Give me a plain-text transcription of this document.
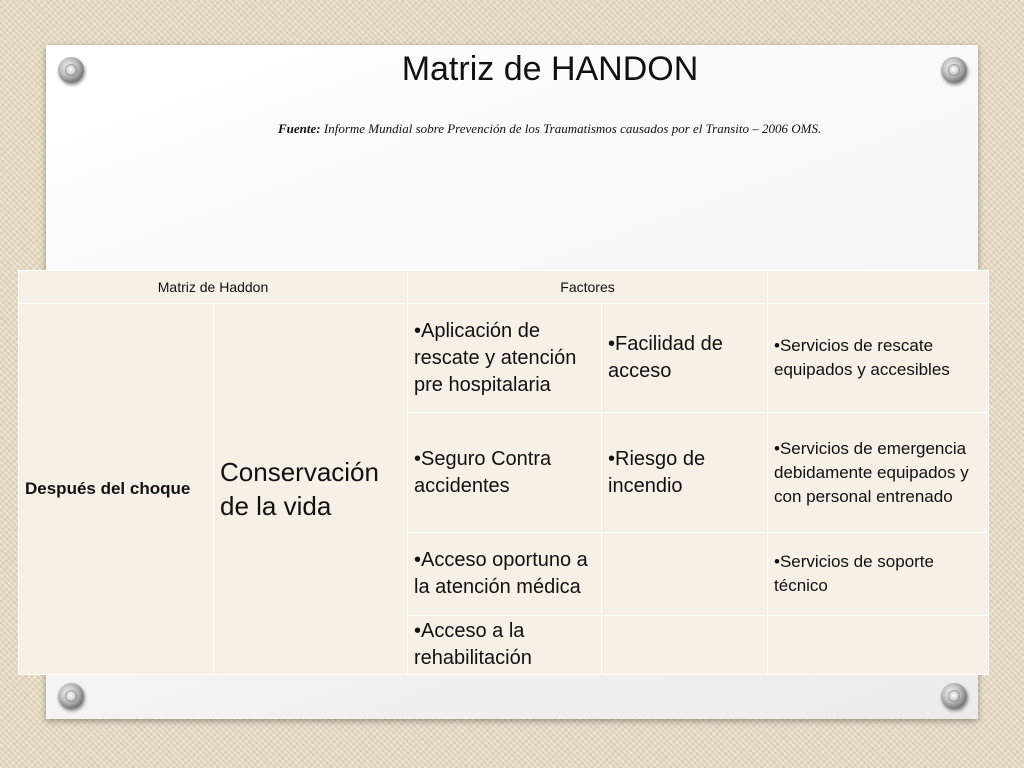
Matriz de HANDON
Fuente: Informe Mundial sobre Prevención de los Traumatismos causados por el Transito – 2006 OMS.
Matriz de Haddon		Factores		
Después del choque	Conservación de la vida	•Aplicación de rescate y atención pre hospitalaria	•Facilidad de acceso	•Servicios de rescate equipados y accesibles
		•Seguro Contra accidentes	•Riesgo de incendio	•Servicios de emergencia debidamente equipados y con personal entrenado
		•Acceso oportuno a la atención médica		•Servicios de soporte técnico
		•Acceso a la rehabilitación		
